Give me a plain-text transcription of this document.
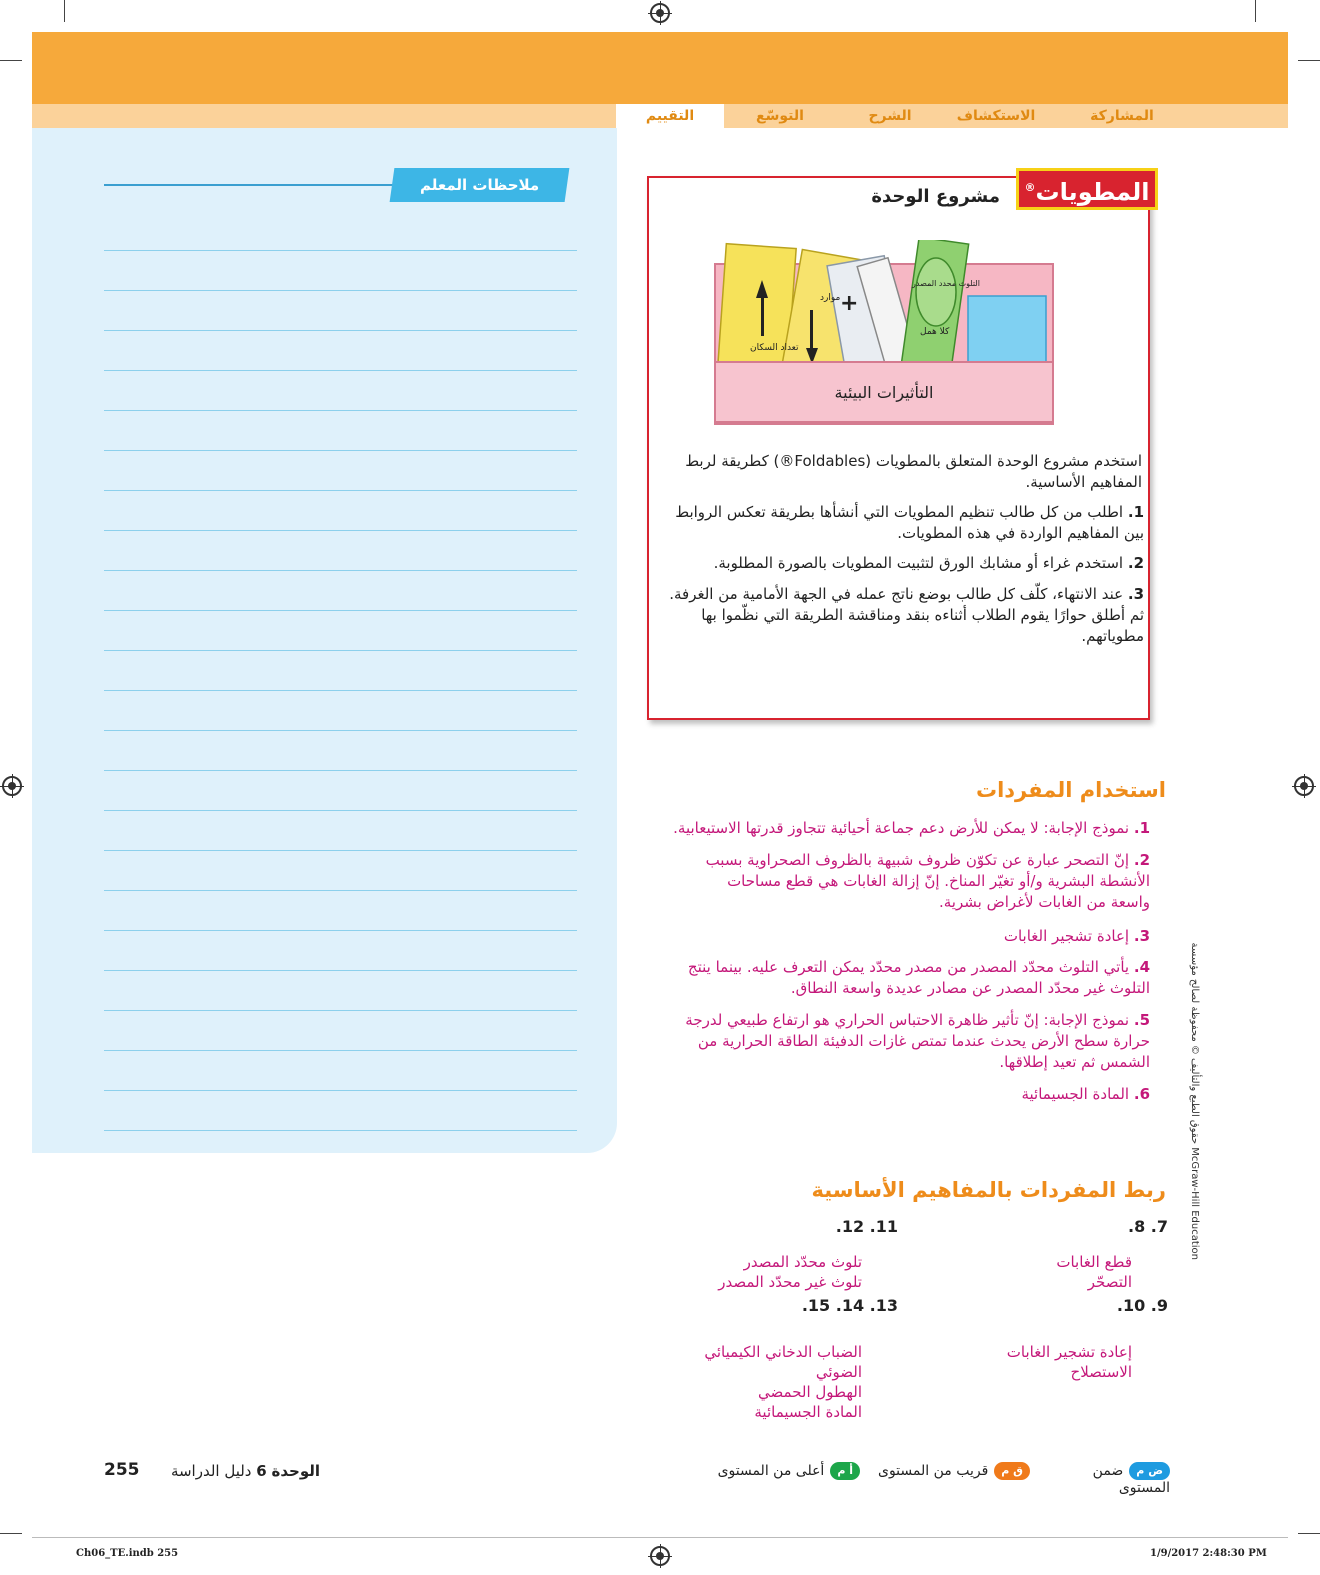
المشاركة
الاستكشاف
الشرح
التوسّع
التقييم
ملاحظات المعلم	المطويات®
مشروع الوحدة
+
التأثيرات البيئية
تعداد السكان
موارد
التلوث محدد المصدر
كلا همل
استخدم مشروع الوحدة المتعلق بالمطويات (Foldables®) كطريقة لربط المفاهيم الأساسية.
1. اطلب من كل طالب تنظيم المطويات التي أنشأها بطريقة تعكس الروابط بين المفاهيم الواردة في هذه المطويات.
2. استخدم غراء أو مشابك الورق لتثبيت المطويات بالصورة المطلوبة.
3. عند الانتهاء، كلّف كل طالب بوضع ناتج عمله في الجهة الأمامية من الغرفة. ثم أطلق حوارًا يقوم الطلاب أثناءه بنقد ومناقشة الطريقة التي نظّموا بها مطوياتهم.
استخدام المفردات
1. نموذج الإجابة: لا يمكن للأرض دعم جماعة أحيائية تتجاوز قدرتها الاستيعابية.
2. إنّ التصحر عبارة عن تكوّن ظروف شبيهة بالظروف الصحراوية بسبب الأنشطة البشرية و/أو تغيّر المناخ. إنّ إزالة الغابات هي قطع مساحات واسعة من الغابات لأغراض بشرية.
3. إعادة تشجير الغابات
4. يأتي التلوث محدّد المصدر من مصدر محدّد يمكن التعرف عليه. بينما ينتج التلوث غير محدّد المصدر عن مصادر عديدة واسعة النطاق.
5. نموذج الإجابة: إنّ تأثير ظاهرة الاحتباس الحراري هو ارتفاع طبيعي لدرجة حرارة سطح الأرض يحدث عندما تمتص غازات الدفيئة الطاقة الحرارية من الشمس ثم تعيد إطلاقها.
6. المادة الجسيمائية
ربط المفردات بالمفاهيم الأساسية
7. 8.
قطع الغابات
التصحّر
11. 12.
تلوث محدّد المصدر
تلوث غير محدّد المصدر
9. 10.
إعادة تشجير الغابات
الاستصلاح
13. 14. 15.
الضباب الدخاني الكيميائي
الضوئي
الهطول الحمضي
المادة الجسيمائية
McGraw-Hill Education حقوق الطبع والتأليف © محفوظة لصالح مؤسسة
ض مضمن المستوى
ق مقريب من المستوى
أ مأعلى من المستوى
الوحدة 6 دليل الدراسة
255
Ch06_TE.indb 255	1/9/2017 2:48:30 PM
